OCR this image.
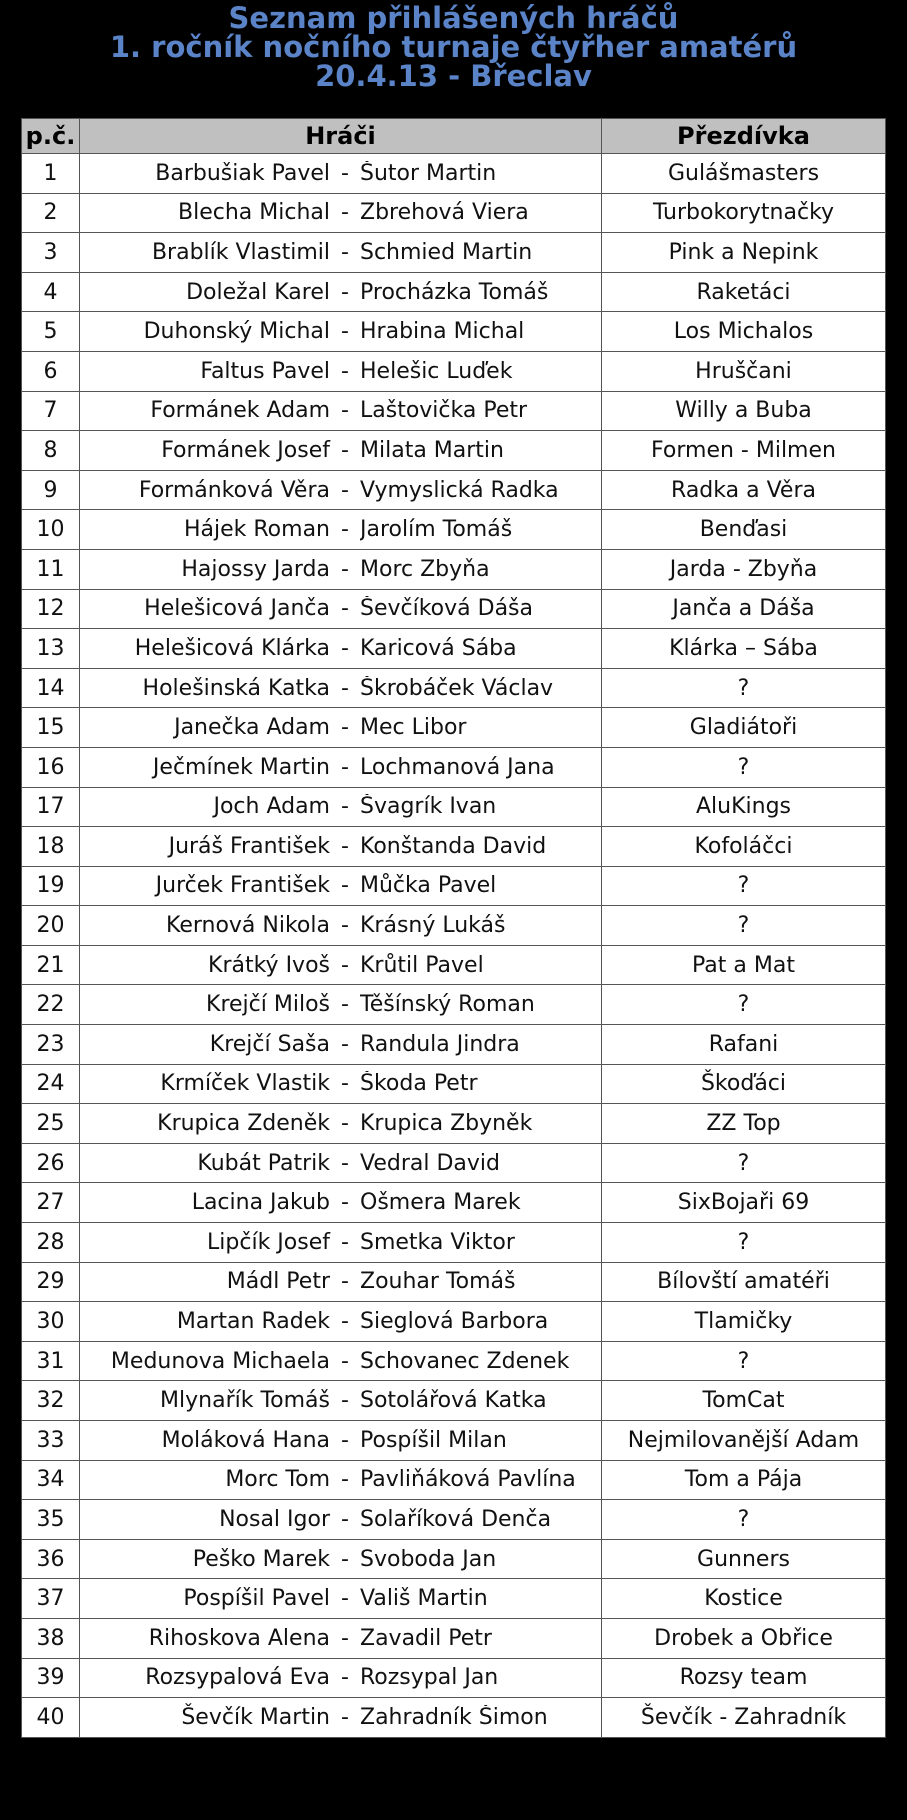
Seznam přihlášených hráčů
1. ročník nočního turnaje čtyřher amatérů
20.4.13 - Břeclav
p.č.	Hráči	Přezdívka
1	Barbušiak Pavel - Šutor Martin	Gulášmasters
2	Blecha Michal - Zbrehová Viera	Turbokorytnačky
3	Brablík Vlastimil - Schmied Martin	Pink a Nepink
4	Doležal Karel - Procházka Tomáš	Raketáci
5	Duhonský Michal - Hrabina Michal	Los Michalos
6	Faltus Pavel - Helešic Luďek	Hruščani
7	Formánek Adam - Laštovička Petr	Willy a Buba
8	Formánek Josef - Milata Martin	Formen - Milmen
9	Formánková Věra - Vymyslická Radka	Radka a Věra
10	Hájek Roman - Jarolím Tomáš	Benďasi
11	Hajossy Jarda - Morc Zbyňa	Jarda - Zbyňa
12	Helešicová Janča - Ševčíková Dáša	Janča a Dáša
13	Helešicová Klárka - Karicová Sába	Klárka – Sába
14	Holešinská Katka - Škrobáček Václav	?
15	Janečka Adam - Mec Libor	Gladiátoři
16	Ječmínek Martin - Lochmanová Jana	?
17	Joch Adam - Švagrík Ivan	AluKings
18	Juráš František - Konštanda David	Kofoláčci
19	Jurček František - Můčka Pavel	?
20	Kernová Nikola - Krásný Lukáš	?
21	Krátký Ivoš - Krůtil Pavel	Pat a Mat
22	Krejčí Miloš - Těšínský Roman	?
23	Krejčí Saša - Randula Jindra	Rafani
24	Krmíček Vlastik - Škoda Petr	Škoďáci
25	Krupica Zdeněk - Krupica Zbyněk	ZZ Top
26	Kubát Patrik - Vedral David	?
27	Lacina Jakub - Ošmera Marek	SixBojaři 69
28	Lipčík Josef - Smetka Viktor	?
29	Mádl Petr - Zouhar Tomáš	Bílovští amatéři
30	Martan Radek - Sieglová Barbora	Tlamičky
31	Medunova Michaela - Schovanec Zdenek	?
32	Mlynařík Tomáš - Sotolářová Katka	TomCat
33	Moláková Hana - Pospíšil Milan	Nejmilovanější Adam
34	Morc Tom - Pavliňáková Pavlína	Tom a Pája
35	Nosal Igor - Solaříková Denča	?
36	Peško Marek - Svoboda Jan	Gunners
37	Pospíšil Pavel - Vališ Martin	Kostice
38	Rihoskova Alena - Zavadil Petr	Drobek a Obřice
39	Rozsypalová Eva - Rozsypal Jan	Rozsy team
40	Ševčík Martin - Zahradník Šimon	Ševčík - Zahradník
